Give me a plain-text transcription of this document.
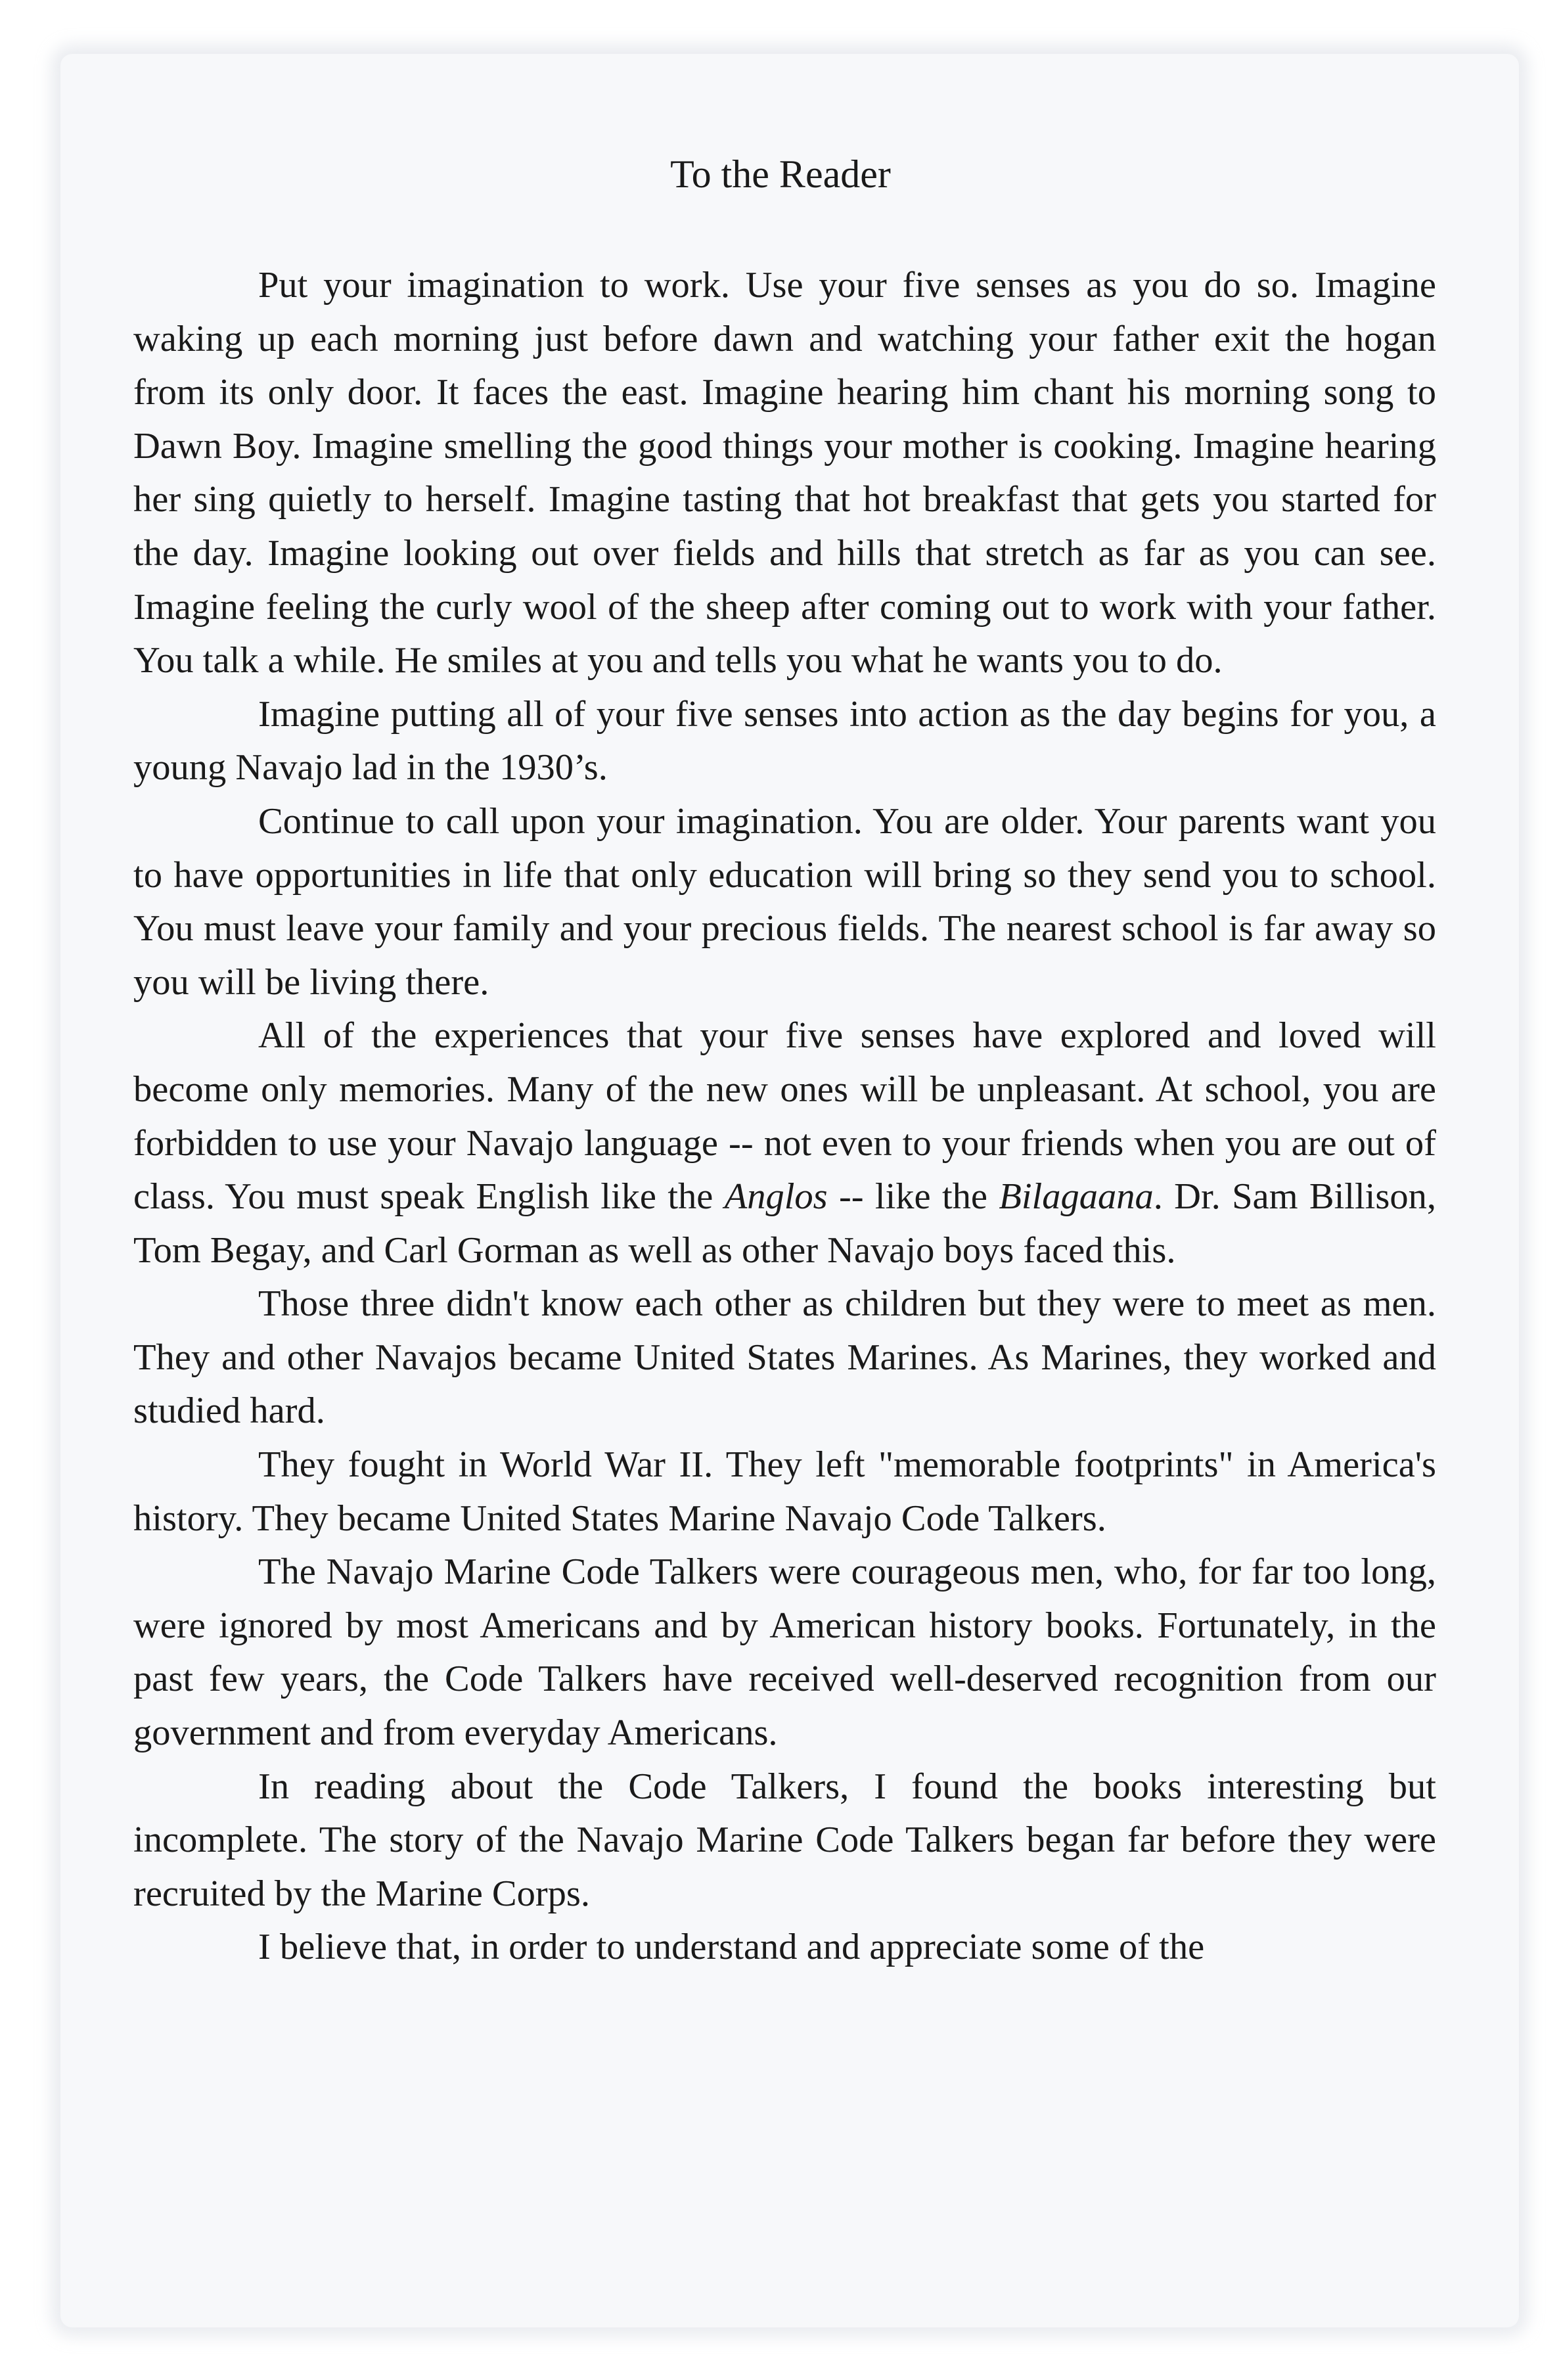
To the Reader

Put your imagination to work. Use your five senses as you do so. Imagine waking up each morning just before dawn and watching your father exit the hogan from its only door. It faces the east. Imagine hearing him chant his morning song to Dawn Boy. Imagine smelling the good things your mother is cooking. Imagine hearing her sing quietly to herself. Imagine tasting that hot breakfast that gets you started for the day. Imagine looking out over fields and hills that stretch as far as you can see. Imagine feeling the curly wool of the sheep after coming out to work with your father. You talk a while. He smiles at you and tells you what he wants you to do.

Imagine putting all of your five senses into action as the day begins for you, a young Navajo lad in the 1930’s.

Continue to call upon your imagination. You are older. Your parents want you to have opportunities in life that only education will bring so they send you to school. You must leave your family and your precious fields. The nearest school is far away so you will be living there.

All of the experiences that your five senses have explored and loved will become only memories. Many of the new ones will be unpleasant. At school, you are forbidden to use your Navajo language -- not even to your friends when you are out of class. You must speak English like the Anglos -- like the Bilagaana. Dr. Sam Billison, Tom Begay, and Carl Gorman as well as other Navajo boys faced this.

Those three didn't know each other as children but they were to meet as men. They and other Navajos became United States Marines. As Marines, they worked and studied hard.

They fought in World War II. They left "memorable footprints" in America's history. They became United States Marine Navajo Code Talkers.

The Navajo Marine Code Talkers were courageous men, who, for far too long, were ignored by most Americans and by American history books. Fortunately, in the past few years, the Code Talkers have received well-deserved recognition from our government and from everyday Americans.

In reading about the Code Talkers, I found the books interesting but incomplete. The story of the Navajo Marine Code Talkers began far before they were recruited by the Marine Corps.

I believe that, in order to understand and appreciate some of the
